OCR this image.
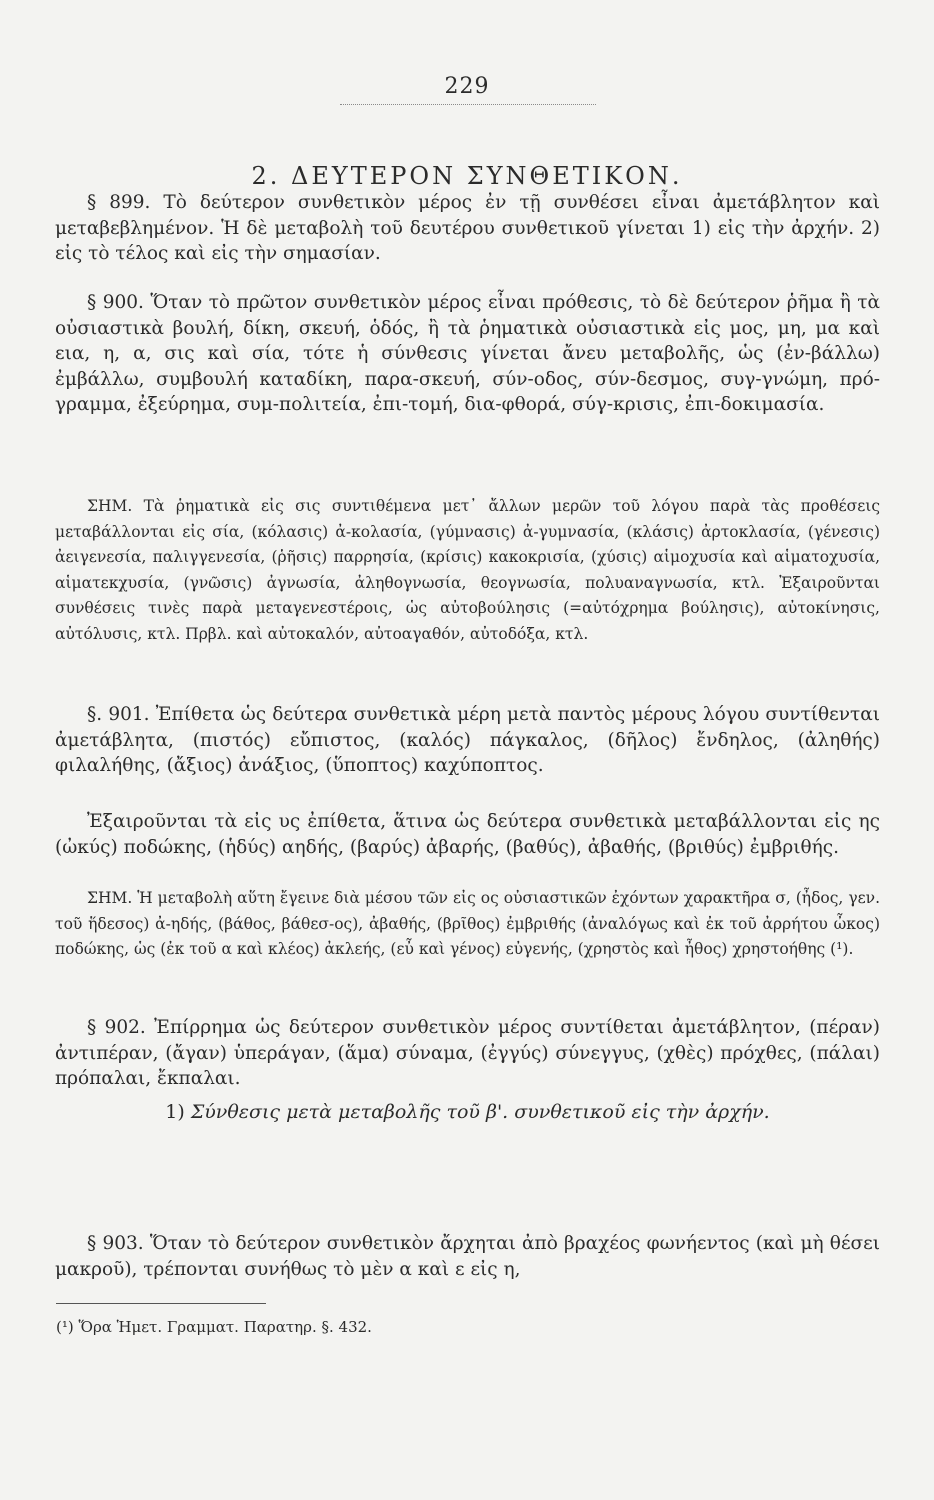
229
2. ΔΕΥΤΕΡΟΝ ΣΥΝΘΕΤΙΚΟΝ.

§ 899. Τὸ δεύτερον συνθετικὸν μέρος ἐν τῇ συνθέσει εἶναι ἀμετάβλητον καὶ μεταβεβλημένον. Ἡ δὲ μεταβολὴ τοῦ δευτέρου συνθετικοῦ γίνεται 1) εἰς τὴν ἀρχήν. 2) εἰς τὸ τέλος καὶ εἰς τὴν σημασίαν.

§ 900. Ὅταν τὸ πρῶτον συνθετικὸν μέρος εἶναι πρόθεσις, τὸ δὲ δεύτερον ῥῆμα ἢ τὰ οὐσιαστικὰ βουλή, δίκη, σκευή, ὁδός, ἢ τὰ ῥηματικὰ οὐσιαστικὰ εἰς μος, μη, μα καὶ εια, η, α, σις καὶ σία, τότε ἡ σύνθεσις γίνεται ἄνευ μεταβολῆς, ὡς (ἐν-βάλλω) ἐμβάλλω, συμβουλή καταδίκη, παρα-σκευή, σύν-οδος, σύν-δεσμος, συγ-γνώμη, πρό-γραμμα, ἐξεύρημα, συμ-πολιτεία, ἐπι-τομή, δια-φθορά, σύγ-κρισις, ἐπι-δοκιμασία.

ΣΗΜ. Τὰ ῥηματικὰ εἰς σις συντιθέμενα μετ᾽ ἄλλων μερῶν τοῦ λόγου παρὰ τὰς προθέσεις μεταβάλλονται εἰς σία, (κόλασις) ἀ-κολασία, (γύμνασις) ἀ-γυμνασία, (κλάσις) ἀρτοκλασία, (γένεσις) ἀειγενεσία, παλιγγενεσία, (ῥῆσις) παρρησία, (κρίσις) κακοκρισία, (χύσις) αἱμοχυσία καὶ αἱματοχυσία, αἱματεκχυσία, (γνῶσις) ἀγνωσία, ἀληθογνωσία, θεογνωσία, πολυαναγνωσία, κτλ. Ἐξαιροῦνται συνθέσεις τινὲς παρὰ μεταγενεστέροις, ὡς αὐτοβούλησις (=αὐτόχρημα βούλησις), αὐτοκίνησις, αὐτόλυσις, κτλ. Πρβλ. καὶ αὐτοκαλόν, αὐτοαγαθόν, αὐτοδόξα, κτλ.

§. 901. Ἐπίθετα ὡς δεύτερα συνθετικὰ μέρη μετὰ παντὸς μέρους λόγου συντίθενται ἀμετάβλητα, (πιστός) εὔπιστος, (καλός) πάγκαλος, (δῆλος) ἔνδηλος, (ἀληθής) φιλαλήθης, (ἄξιος) ἀνάξιος, (ὕποπτος) καχύποπτος.

Ἐξαιροῦνται τὰ εἰς υς ἐπίθετα, ἅτινα ὡς δεύτερα συνθετικὰ μεταβάλλονται εἰς ης (ὠκύς) ποδώκης, (ἡδύς) αηδής, (βαρύς) ἀβαρής, (βαθύς), ἀβαθής, (βριθύς) ἐμβριθής.

ΣΗΜ. Ἡ μεταβολὴ αὕτη ἔγεινε διὰ μέσου τῶν εἰς ος οὐσιαστικῶν ἐχόντων χαρακτῆρα σ, (ἦδος, γεν. τοῦ ἥδεσος) ἀ-ηδής, (βάθος, βάθεσ-ος), ἀβαθής, (βρῖθος) ἐμβριθής (ἀναλόγως καὶ ἐκ τοῦ ἀρρήτου ὦκος) ποδώκης, ὡς (ἐκ τοῦ α καὶ κλέος) ἀκλεής, (εὖ καὶ γένος) εὐγενής, (χρηστὸς καὶ ἦθος) χρηστοήθης (¹).

§ 902. Ἐπίρρημα ὡς δεύτερον συνθετικὸν μέρος συντίθεται ἀμετάβλητον, (πέραν) ἀντιπέραν, (ἄγαν) ὑπεράγαν, (ἅμα) σύναμα, (ἐγγύς) σύνεγγυς, (χθὲς) πρόχθες, (πάλαι) πρόπαλαι, ἔκπαλαι.

1) Σύνθεσις μετὰ μεταβολῆς τοῦ β'. συνθετικοῦ εἰς τὴν ἀρχήν.

§ 903. Ὅταν τὸ δεύτερον συνθετικὸν ἄρχηται ἀπὸ βραχέος φωνήεντος (καὶ μὴ θέσει μακροῦ), τρέπονται συνήθως τὸ μὲν α καὶ ε εἰς η,

(¹) Ὅρα Ἡμετ. Γραμματ. Παρατηρ. §. 432.
